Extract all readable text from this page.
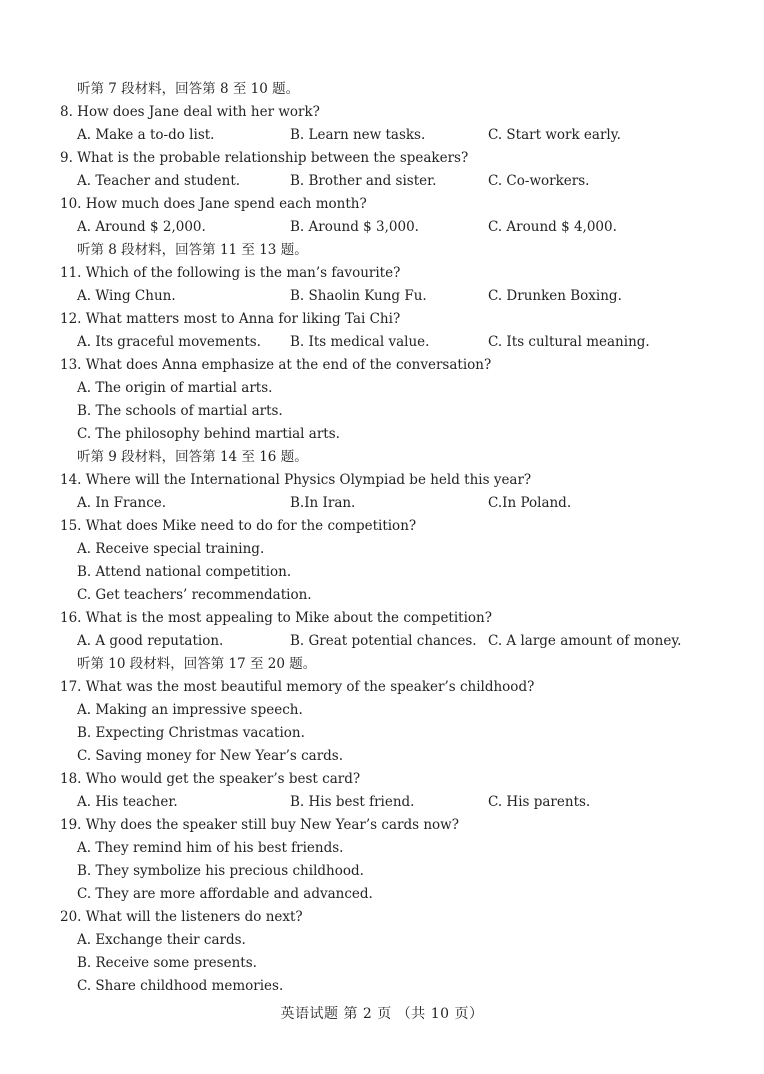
听第 7 段材料，回答第 8 至 10 题。
8. How does Jane deal with her work?
A. Make a to-do list.	B. Learn new tasks.	C. Start work early.
9. What is the probable relationship between the speakers?
A. Teacher and student.	B. Brother and sister.	C. Co-workers.
10. How much does Jane spend each month?
A. Around $ 2,000.	B. Around $ 3,000.	C. Around $ 4,000.
听第 8 段材料，回答第 11 至 13 题。
11. Which of the following is the man’s favourite?
A. Wing Chun.	B. Shaolin Kung Fu.	C. Drunken Boxing.
12. What matters most to Anna for liking Tai Chi?
A. Its graceful movements. B. Its medical value.	C. Its cultural meaning.
13. What does Anna emphasize at the end of the conversation?
A. The origin of martial arts.
B. The schools of martial arts.
C. The philosophy behind martial arts.
听第 9 段材料，回答第 14 至 16 题。
14. Where will the International Physics Olympiad be held this year?
A. In France.	B.In Iran.	C.In Poland.
15. What does Mike need to do for the competition?
A. Receive special training.
B. Attend national competition.
C. Get teachers’ recommendation.
16. What is the most appealing to Mike about the competition?
A. A good reputation.	B. Great potential chances. C. A large amount of money.
听第 10 段材料，回答第 17 至 20 题。
17. What was the most beautiful memory of the speaker’s childhood?
A. Making an impressive speech.
B. Expecting Christmas vacation.
C. Saving money for New Year’s cards.
18. Who would get the speaker’s best card?
A. His teacher.	B. His best friend.	C. His parents.
19. Why does the speaker still buy New Year’s cards now?
A. They remind him of his best friends.
B. They symbolize his precious childhood.
C. They are more affordable and advanced.
20. What will the listeners do next?
A. Exchange their cards.
B. Receive some presents.
C. Share childhood memories.
英语试题 第 2 页 （共 10 页）
